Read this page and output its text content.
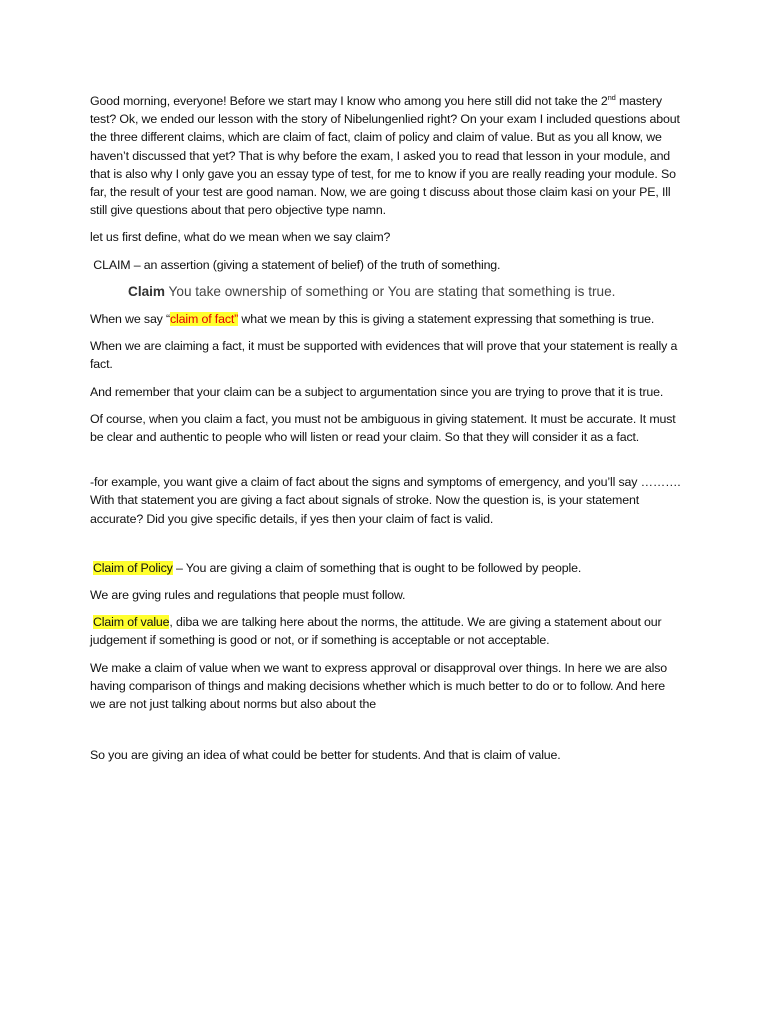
Good morning, everyone! Before we start may I know who among you here still did not take the 2nd mastery test? Ok, we ended our lesson with the story of Nibelungenlied right? On your exam I included questions about the three different claims, which are claim of fact, claim of policy and claim of value. But as you all know, we haven’t discussed that yet? That is why before the exam, I asked you to read that lesson in your module, and that is also why I only gave you an essay type of test, for me to know if you are really reading your module. So far, the result of your test are good naman. Now, we are going t discuss about those claim kasi on your PE, Ill still give questions about that pero objective type namn.

let us first define, what do we mean when we say claim?

CLAIM – an assertion (giving a statement of belief) of the truth of something.

Claim You take ownership of something or You are stating that something is true.

When we say “claim of fact” what we mean by this is giving a statement expressing that something is true.

When we are claiming a fact, it must be supported with evidences that will prove that your statement is really a fact.

And remember that your claim can be a subject to argumentation since you are trying to prove that it is true.

Of course, when you claim a fact, you must not be ambiguous in giving statement. It must be accurate. It must be clear and authentic to people who will listen or read your claim. So that they will consider it as a fact.

-for example, you want give a claim of fact about the signs and symptoms of emergency, and you’ll say ………. With that statement you are giving a fact about signals of stroke. Now the question is, is your statement accurate? Did you give specific details, if yes then your claim of fact is valid.

Claim of Policy – You are giving a claim of something that is ought to be followed by people.

We are gving rules and regulations that people must follow.

Claim of value, diba we are talking here about the norms, the attitude. We are giving a statement about our judgement if something is good or not, or if something is acceptable or not acceptable.

We make a claim of value when we want to express approval or disapproval over things. In here we are also having comparison of things and making decisions whether which is much better to do or to follow. And here we are not just talking about norms but also about the

So you are giving an idea of what could be better for students. And that is claim of value.
